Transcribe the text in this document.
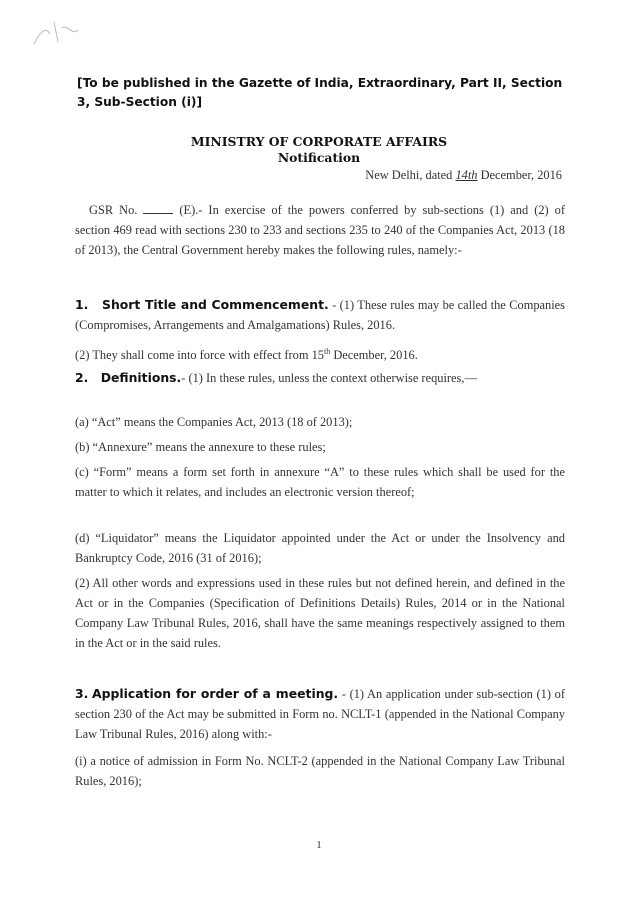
[To be published in the Gazette of India, Extraordinary, Part II, Section
3, Sub-Section (i)]
MINISTRY OF CORPORATE AFFAIRS
Notification
New Delhi, dated 14th December, 2016

GSR No.	(E).- In exercise of the powers conferred by sub-sections (1) and (2) of section 469 read with sections 230 to 233 and sections 235 to 240 of the Companies Act, 2013 (18 of 2013), the Central Government hereby makes the following rules, namely:-

1. Short Title and Commencement. - (1) These rules may be called the Companies (Compromises, Arrangements and Amalgamations) Rules, 2016.

(2) They shall come into force with effect from 15th December, 2016.

2. Definitions.- (1) In these rules, unless the context otherwise requires,—

(a) “Act” means the Companies Act, 2013 (18 of 2013);

(b) “Annexure” means the annexure to these rules;

(c) “Form” means a form set forth in annexure “A” to these rules which shall be used for the matter to which it relates, and includes an electronic version thereof;

(d) “Liquidator” means the Liquidator appointed under the Act or under the Insolvency and Bankruptcy Code, 2016 (31 of 2016);

(2) All other words and expressions used in these rules but not defined herein, and defined in the Act or in the Companies (Specification of Definitions Details) Rules, 2014 or in the National Company Law Tribunal Rules, 2016, shall have the same meanings respectively assigned to them in the Act or in the said rules.

3. Application for order of a meeting. - (1) An application under sub-section (1) of section 230 of the Act may be submitted in Form no. NCLT-1 (appended in the National Company Law Tribunal Rules, 2016) along with:-

(i) a notice of admission in Form No. NCLT-2 (appended in the National Company Law Tribunal Rules, 2016);

1
